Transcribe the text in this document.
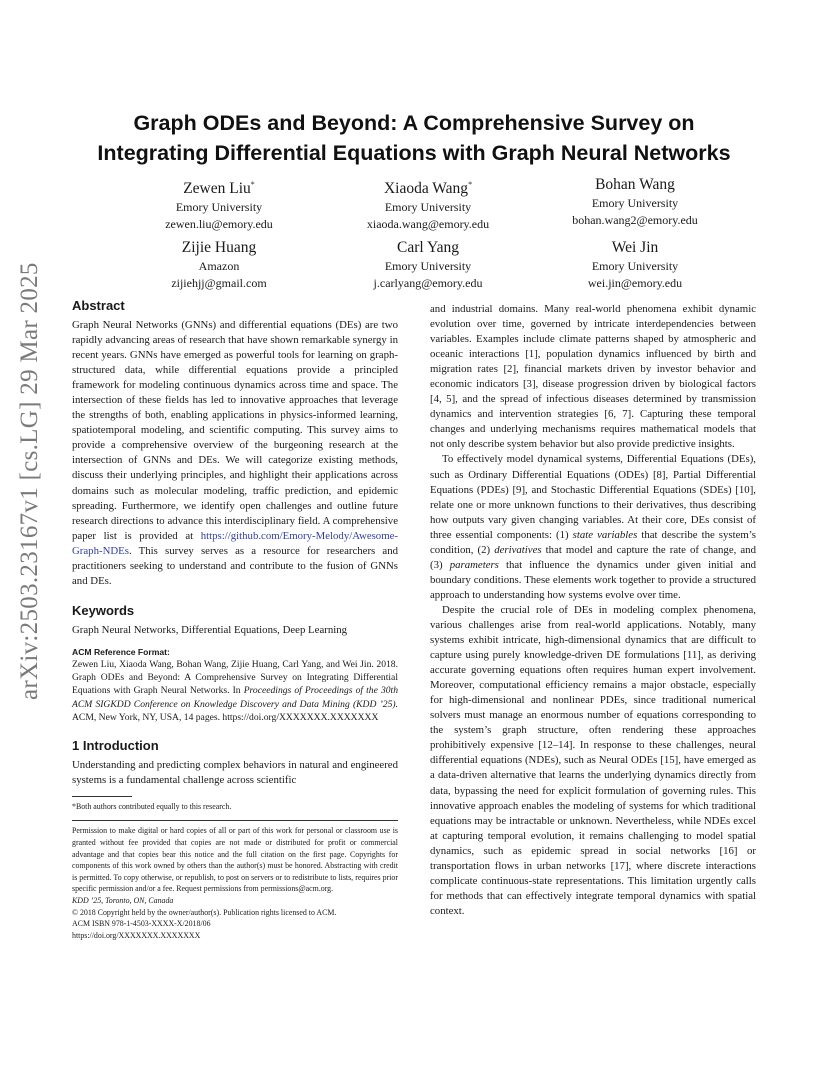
arXiv:2503.23167v1 [cs.LG] 29 Mar 2025
Graph ODEs and Beyond: A Comprehensive Survey on
Integrating Differential Equations with Graph Neural Networks
Zewen Liu*
Emory University
zewen.liu@emory.edu
Xiaoda Wang*
Emory University
xiaoda.wang@emory.edu
Bohan Wang
Emory University
bohan.wang2@emory.edu
Zijie Huang
Amazon
zijiehjj@gmail.com
Carl Yang
Emory University
j.carlyang@emory.edu
Wei Jin
Emory University
wei.jin@emory.edu
Abstract

Graph Neural Networks (GNNs) and differential equations (DEs) are two rapidly advancing areas of research that have shown remarkable synergy in recent years. GNNs have emerged as powerful tools for learning on graph-structured data, while differential equations provide a principled framework for modeling continuous dynamics across time and space. The intersection of these fields has led to innovative approaches that leverage the strengths of both, enabling applications in physics-informed learning, spatiotemporal modeling, and scientific computing. This survey aims to provide a comprehensive overview of the burgeoning research at the intersection of GNNs and DEs. We will categorize existing methods, discuss their underlying principles, and highlight their applications across domains such as molecular modeling, traffic prediction, and epidemic spreading. Furthermore, we identify open challenges and outline future research directions to advance this interdisciplinary field. A comprehensive paper list is provided at https://github.com/Emory-Melody/Awesome-Graph-NDEs. This survey serves as a resource for researchers and practitioners seeking to understand and contribute to the fusion of GNNs and DEs.

Keywords

Graph Neural Networks, Differential Equations, Deep Learning

ACM Reference Format:

Zewen Liu, Xiaoda Wang, Bohan Wang, Zijie Huang, Carl Yang, and Wei Jin. 2018. Graph ODEs and Beyond: A Comprehensive Survey on Integrating Differential Equations with Graph Neural Networks. In Proceedings of Proceedings of the 30th ACM SIGKDD Conference on Knowledge Discovery and Data Mining (KDD ’25). ACM, New York, NY, USA, 14 pages. https://doi.org/XXXXXXX.XXXXXXX

1 Introduction

Understanding and predicting complex behaviors in natural and engineered systems is a fundamental challenge across scientific

*Both authors contributed equally to this research.

Permission to make digital or hard copies of all or part of this work for personal or classroom use is granted without fee provided that copies are not made or distributed for profit or commercial advantage and that copies bear this notice and the full citation on the first page. Copyrights for components of this work owned by others than the author(s) must be honored. Abstracting with credit is permitted. To copy otherwise, or republish, to post on servers or to redistribute to lists, requires prior specific permission and/or a fee. Request permissions from permissions@acm.org.

KDD ’25, Toronto, ON, Canada

© 2018 Copyright held by the owner/author(s). Publication rights licensed to ACM.

ACM ISBN 978-1-4503-XXXX-X/2018/06

https://doi.org/XXXXXXX.XXXXXXX

and industrial domains. Many real-world phenomena exhibit dynamic evolution over time, governed by intricate interdependencies between variables. Examples include climate patterns shaped by atmospheric and oceanic interactions [1], population dynamics influenced by birth and migration rates [2], financial markets driven by investor behavior and economic indicators [3], disease progression driven by biological factors [4, 5], and the spread of infectious diseases determined by transmission dynamics and intervention strategies [6, 7]. Capturing these temporal changes and underlying mechanisms requires mathematical models that not only describe system behavior but also provide predictive insights.

To effectively model dynamical systems, Differential Equations (DEs), such as Ordinary Differential Equations (ODEs) [8], Partial Differential Equations (PDEs) [9], and Stochastic Differential Equations (SDEs) [10], relate one or more unknown functions to their derivatives, thus describing how outputs vary given changing variables. At their core, DEs consist of three essential components: (1) state variables that describe the system’s condition, (2) derivatives that model and capture the rate of change, and (3) parameters that influence the dynamics under given initial and boundary conditions. These elements work together to provide a structured approach to understanding how systems evolve over time.

Despite the crucial role of DEs in modeling complex phenomena, various challenges arise from real-world applications. Notably, many systems exhibit intricate, high-dimensional dynamics that are difficult to capture using purely knowledge-driven DE formulations [11], as deriving accurate governing equations often requires human expert involvement. Moreover, computational efficiency remains a major obstacle, especially for high-dimensional and nonlinear PDEs, since traditional numerical solvers must manage an enormous number of equations corresponding to the system’s graph structure, often rendering these approaches prohibitively expensive [12–14]. In response to these challenges, neural differential equations (NDEs), such as Neural ODEs [15], have emerged as a data-driven alternative that learns the underlying dynamics directly from data, bypassing the need for explicit formulation of governing rules. This innovative approach enables the modeling of systems for which traditional equations may be intractable or unknown. Nevertheless, while NDEs excel at capturing temporal evolution, it remains challenging to model spatial dynamics, such as epidemic spread in social networks [16] or transportation flows in urban networks [17], where discrete interactions complicate continuous-state representations. This limitation urgently calls for methods that can effectively integrate temporal dynamics with spatial context.
